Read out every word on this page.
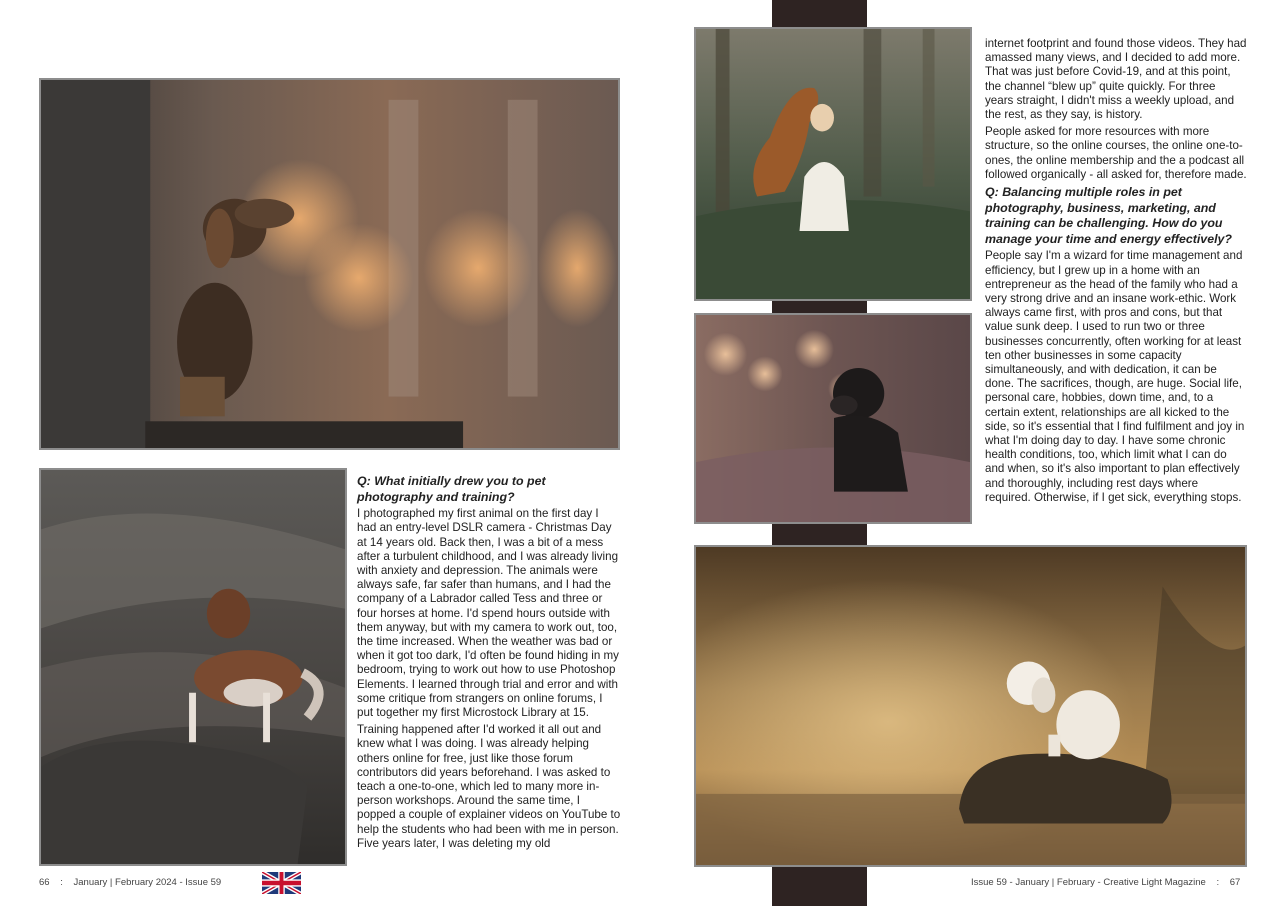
Q: What initially drew you to pet photography and training?

I photographed my first animal on the first day I had an entry-level DSLR camera - Christmas Day at 14 years old. Back then, I was a bit of a mess after a turbulent childhood, and I was already living with anxiety and depression. The animals were always safe, far safer than humans, and I had the company of a Labrador called Tess and three or four horses at home. I'd spend hours outside with them anyway, but with my camera to work out, too, the time increased. When the weather was bad or when it got too dark, I'd often be found hiding in my bedroom, trying to work out how to use Photoshop Elements. I learned through trial and error and with some critique from strangers on online forums, I put together my first Microstock Library at 15.

Training happened after I'd worked it all out and knew what I was doing. I was already helping others online for free, just like those forum contributors did years beforehand. I was asked to teach a one-to-one, which led to many more in-person workshops. Around the same time, I popped a couple of explainer videos on YouTube to help the students who had been with me in person. Five years later, I was deleting my old

internet footprint and found those videos. They had amassed many views, and I decided to add more. That was just before Covid-19, and at this point, the channel “blew up” quite quickly. For three years straight, I didn't miss a weekly upload, and the rest, as they say, is history.

People asked for more resources with more structure, so the online courses, the online one-to-ones, the online membership and the a podcast all followed organically - all asked for, therefore made.

Q: Balancing multiple roles in pet photography, business, marketing, and training can be challenging. How do you manage your time and energy effectively?

People say I'm a wizard for time management and efficiency, but I grew up in a home with an entrepreneur as the head of the family who had a very strong drive and an insane work-ethic. Work always came first, with pros and cons, but that value sunk deep. I used to run two or three businesses concurrently, often working for at least ten other businesses in some capacity simultaneously, and with dedication, it can be done. The sacrifices, though, are huge. Social life, personal care, hobbies, down time, and, to a certain extent, relationships are all kicked to the side, so it's essential that I find fulfilment and joy in what I'm doing day to day. I have some chronic health conditions, too, which limit what I can do and when, so it's also important to plan effectively and thoroughly, including rest days where required. Otherwise, if I get sick, everything stops.

66 : January | February 2024 - Issue 59	Issue 59 - January | February - Creative Light Magazine : 67
